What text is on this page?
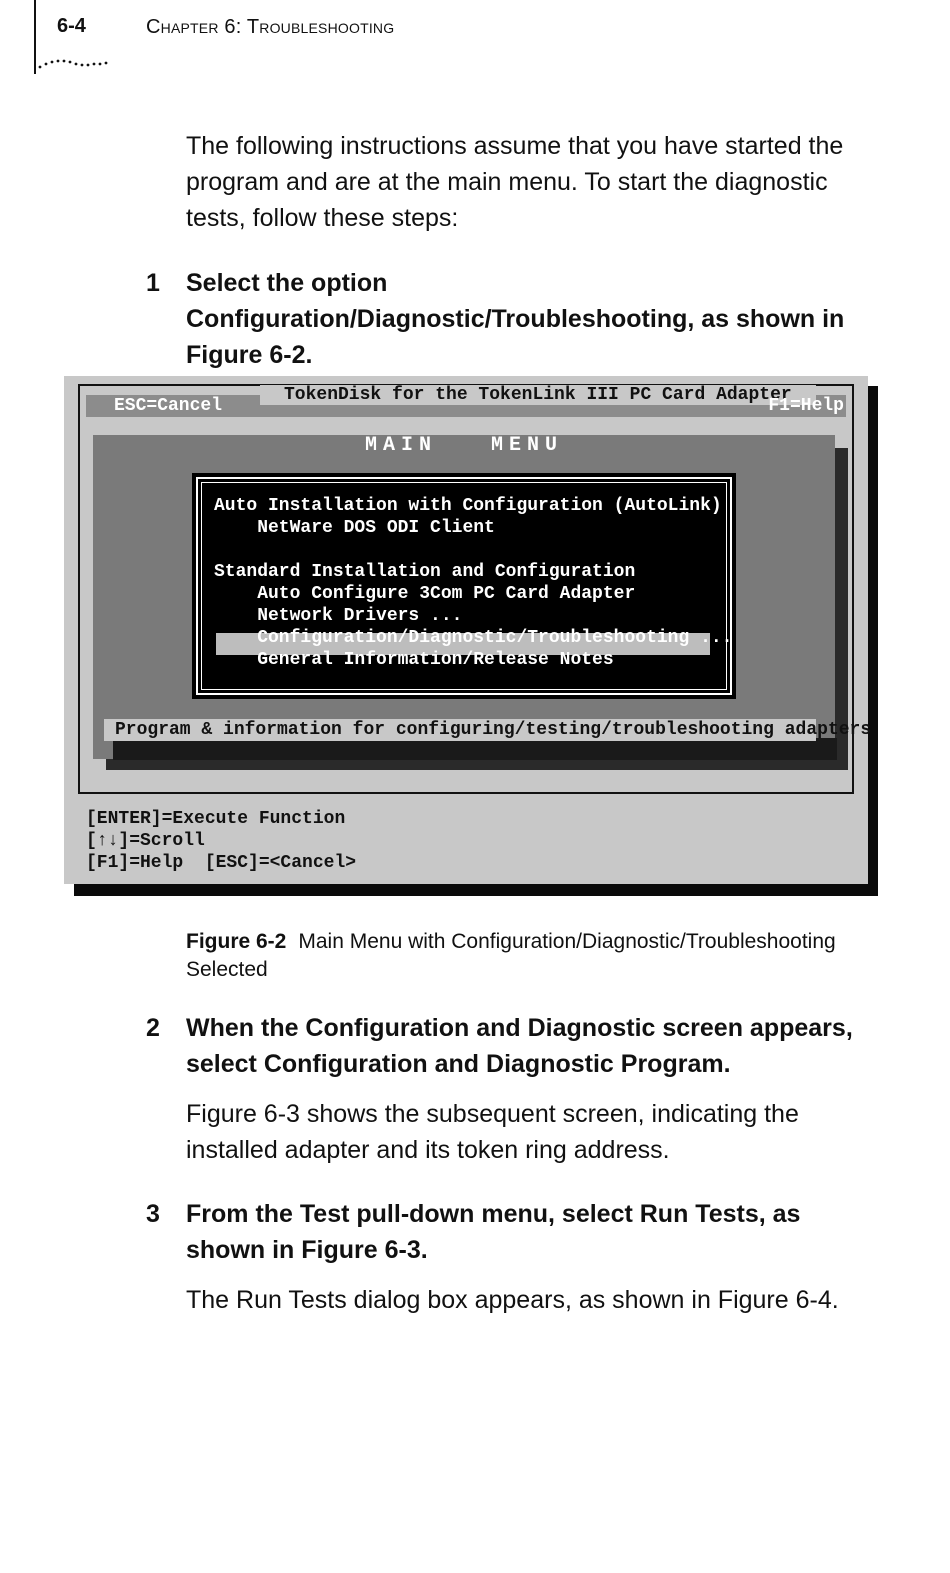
6-4	Chapter 6: Troubleshooting
The following instructions assume that you have started the program and are at the main menu. To start the diagnostic tests, follow these steps:
1 Select the option Configuration/Diagnostic/Troubleshooting, as shown in Figure 6-2.
TokenDisk for the TokenLink III PC Card Adapter
ESC=Cancel	F1=Help
MAIN   MENU
Auto Installation with Configuration (AutoLink)
NetWare DOS ODI Client
Standard Installation and Configuration
Auto Configure 3Com PC Card Adapter
Network Drivers ...
Configuration/Diagnostic/Troubleshooting ...
General Information/Release Notes
Program & information for configuring/testing/troubleshooting adapters
[ENTER]=Execute Function
[↑↓]=Scroll
[F1]=Help  [ESC]=<Cancel>
Figure 6-2 Main Menu with Configuration/Diagnostic/Troubleshooting Selected
2 When the Configuration and Diagnostic screen appears, select Configuration and Diagnostic Program.
Figure 6-3 shows the subsequent screen, indicating the installed adapter and its token ring address.
3 From the Test pull-down menu, select Run Tests, as shown in Figure 6-3.
The Run Tests dialog box appears, as shown in Figure 6-4.
